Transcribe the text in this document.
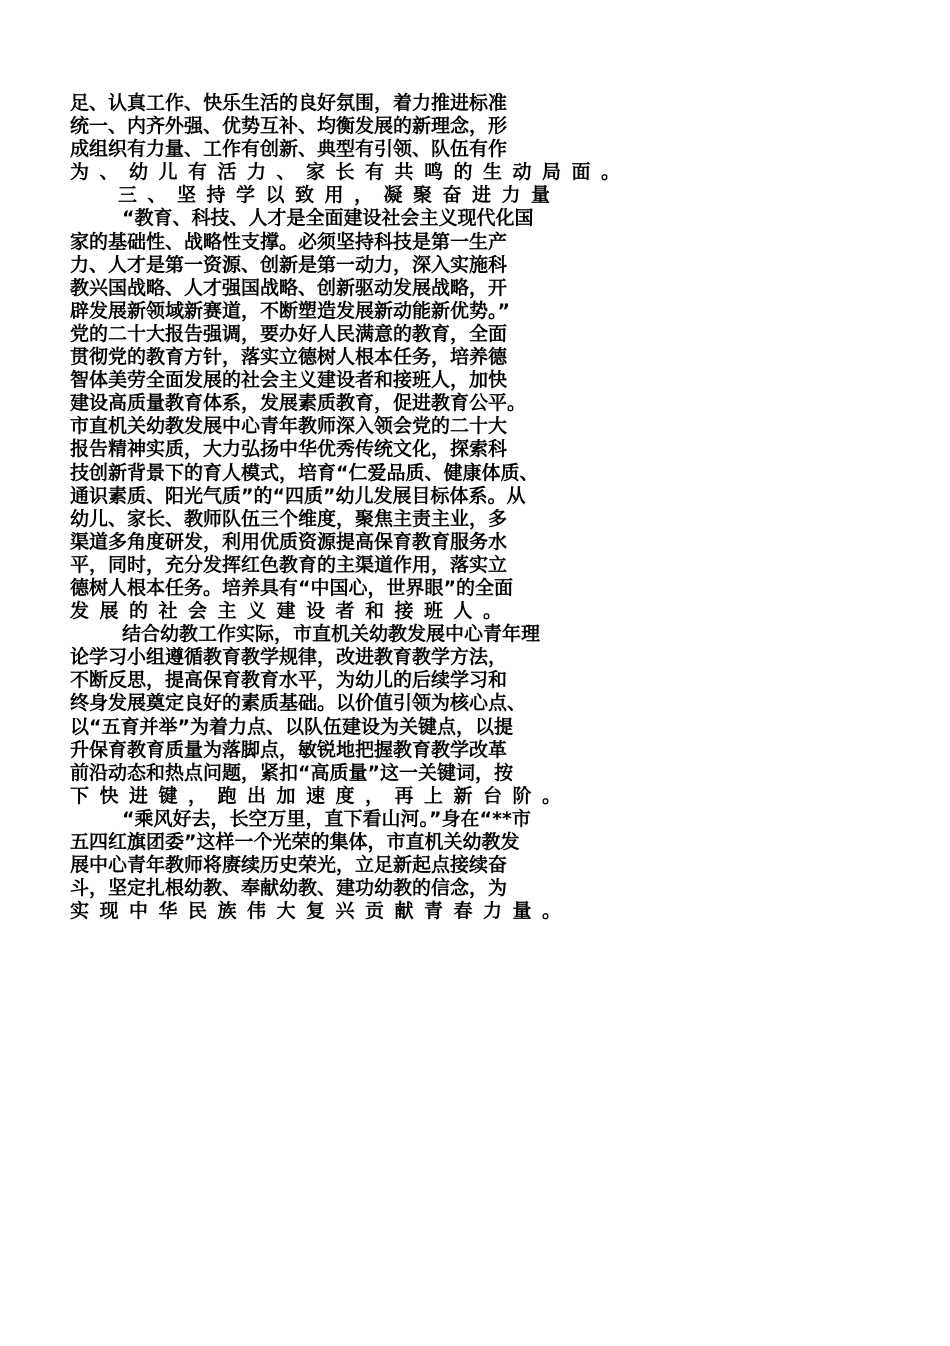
足、认真工作、快乐生活的良好氛围，着力推进标准
统一、内齐外强、优势互补、均衡发展的新理念，形
成组织有力量、工作有创新、典型有引领、队伍有作
为、幼儿有活力、家长有共鸣的生动局面。
三、坚持学以致用，凝聚奋进力量
“教育、科技、人才是全面建设社会主义现代化国
家的基础性、战略性支撑。必须坚持科技是第一生产
力、人才是第一资源、创新是第一动力，深入实施科
教兴国战略、人才强国战略、创新驱动发展战略，开
辟发展新领域新赛道，不断塑造发展新动能新优势。”
党的二十大报告强调，要办好人民满意的教育，全面
贯彻党的教育方针，落实立德树人根本任务，培养德
智体美劳全面发展的社会主义建设者和接班人，加快
建设高质量教育体系，发展素质教育，促进教育公平。
市直机关幼教发展中心青年教师深入领会党的二十大
报告精神实质，大力弘扬中华优秀传统文化，探索科
技创新背景下的育人模式，培育“仁爱品质、健康体质、
通识素质、阳光气质”的“四质”幼儿发展目标体系。从
幼儿、家长、教师队伍三个维度，聚焦主责主业，多
渠道多角度研发，利用优质资源提高保育教育服务水
平，同时，充分发挥红色教育的主渠道作用，落实立
德树人根本任务。培养具有“中国心，世界眼”的全面
发展的社会主义建设者和接班人。
结合幼教工作实际，市直机关幼教发展中心青年理
论学习小组遵循教育教学规律，改进教育教学方法，
不断反思，提高保育教育水平，为幼儿的后续学习和
终身发展奠定良好的素质基础。以价值引领为核心点、
以“五育并举”为着力点、以队伍建设为关键点，以提
升保育教育质量为落脚点，敏锐地把握教育教学改革
前沿动态和热点问题，紧扣“高质量”这一关键词，按
下快进键，跑出加速度，再上新台阶。
“乘风好去，长空万里，直下看山河。”身在“**市
五四红旗团委”这样一个光荣的集体，市直机关幼教发
展中心青年教师将赓续历史荣光，立足新起点接续奋
斗，坚定扎根幼教、奉献幼教、建功幼教的信念，为
实现中华民族伟大复兴贡献青春力量。
